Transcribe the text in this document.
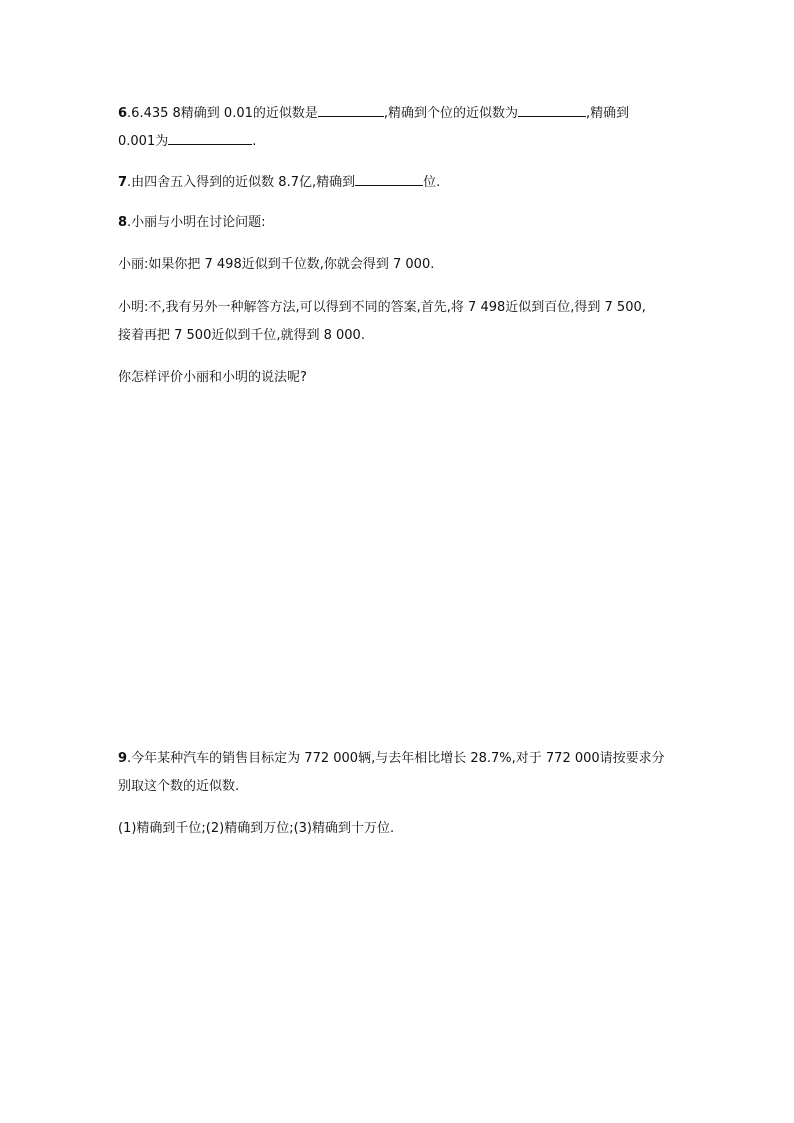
6.6.435 8精确到 0.01的近似数是	,精确到个位的近似数为	,精确到
0.001为	.
7.由四舍五入得到的近似数 8.7亿,精确到	位.
8.小丽与小明在讨论问题:
小丽:如果你把 7 498近似到千位数,你就会得到 7 000.
小明:不,我有另外一种解答方法,可以得到不同的答案,首先,将 7 498近似到百位,得到 7 500,
接着再把 7 500近似到千位,就得到 8 000.
你怎样评价小丽和小明的说法呢?
9.今年某种汽车的销售目标定为 772 000辆,与去年相比增长 28.7%,对于 772 000请按要求分
别取这个数的近似数.
(1)精确到千位;(2)精确到万位;(3)精确到十万位.
